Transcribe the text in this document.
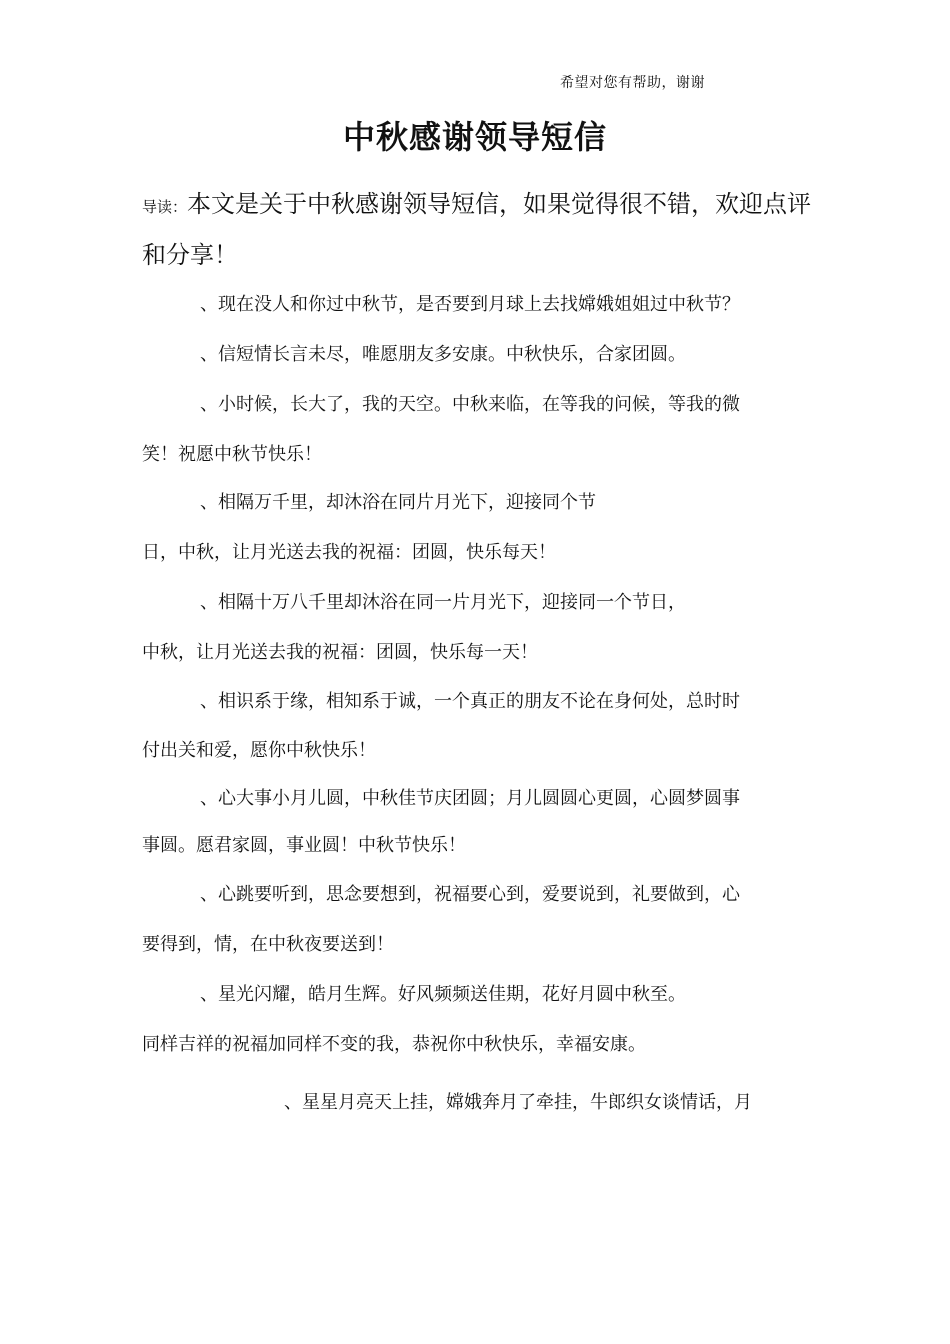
希望对您有帮助，谢谢
中秋感谢领导短信
导读：本文是关于中秋感谢领导短信，如果觉得很不错，欢迎点评和分享！
、现在没人和你过中秋节，是否要到月球上去找嫦娥姐姐过中秋节？
、信短情长言未尽，唯愿朋友多安康。中秋快乐，合家团圆。
、小时候，长大了，我的天空。中秋来临，在等我的问候，等我的微
笑！祝愿中秋节快乐！
、相隔万千里，却沐浴在同片月光下，迎接同个节
日，中秋，让月光送去我的祝福：团圆，快乐每天！
、相隔十万八千里却沐浴在同一片月光下，迎接同一个节日，
中秋，让月光送去我的祝福：团圆，快乐每一天！
、相识系于缘，相知系于诚，一个真正的朋友不论在身何处，总时时
付出关和爱，愿你中秋快乐！
、心大事小月儿圆，中秋佳节庆团圆；月儿圆圆心更圆，心圆梦圆事
事圆。愿君家圆，事业圆！中秋节快乐！
、心跳要听到，思念要想到，祝福要心到，爱要说到，礼要做到，心
要得到，情，在中秋夜要送到！
、星光闪耀，皓月生辉。好风频频送佳期，花好月圆中秋至。
同样吉祥的祝福加同样不变的我，恭祝你中秋快乐，幸福安康。
、星星月亮天上挂，嫦娥奔月了牵挂，牛郎织女谈情话，月
